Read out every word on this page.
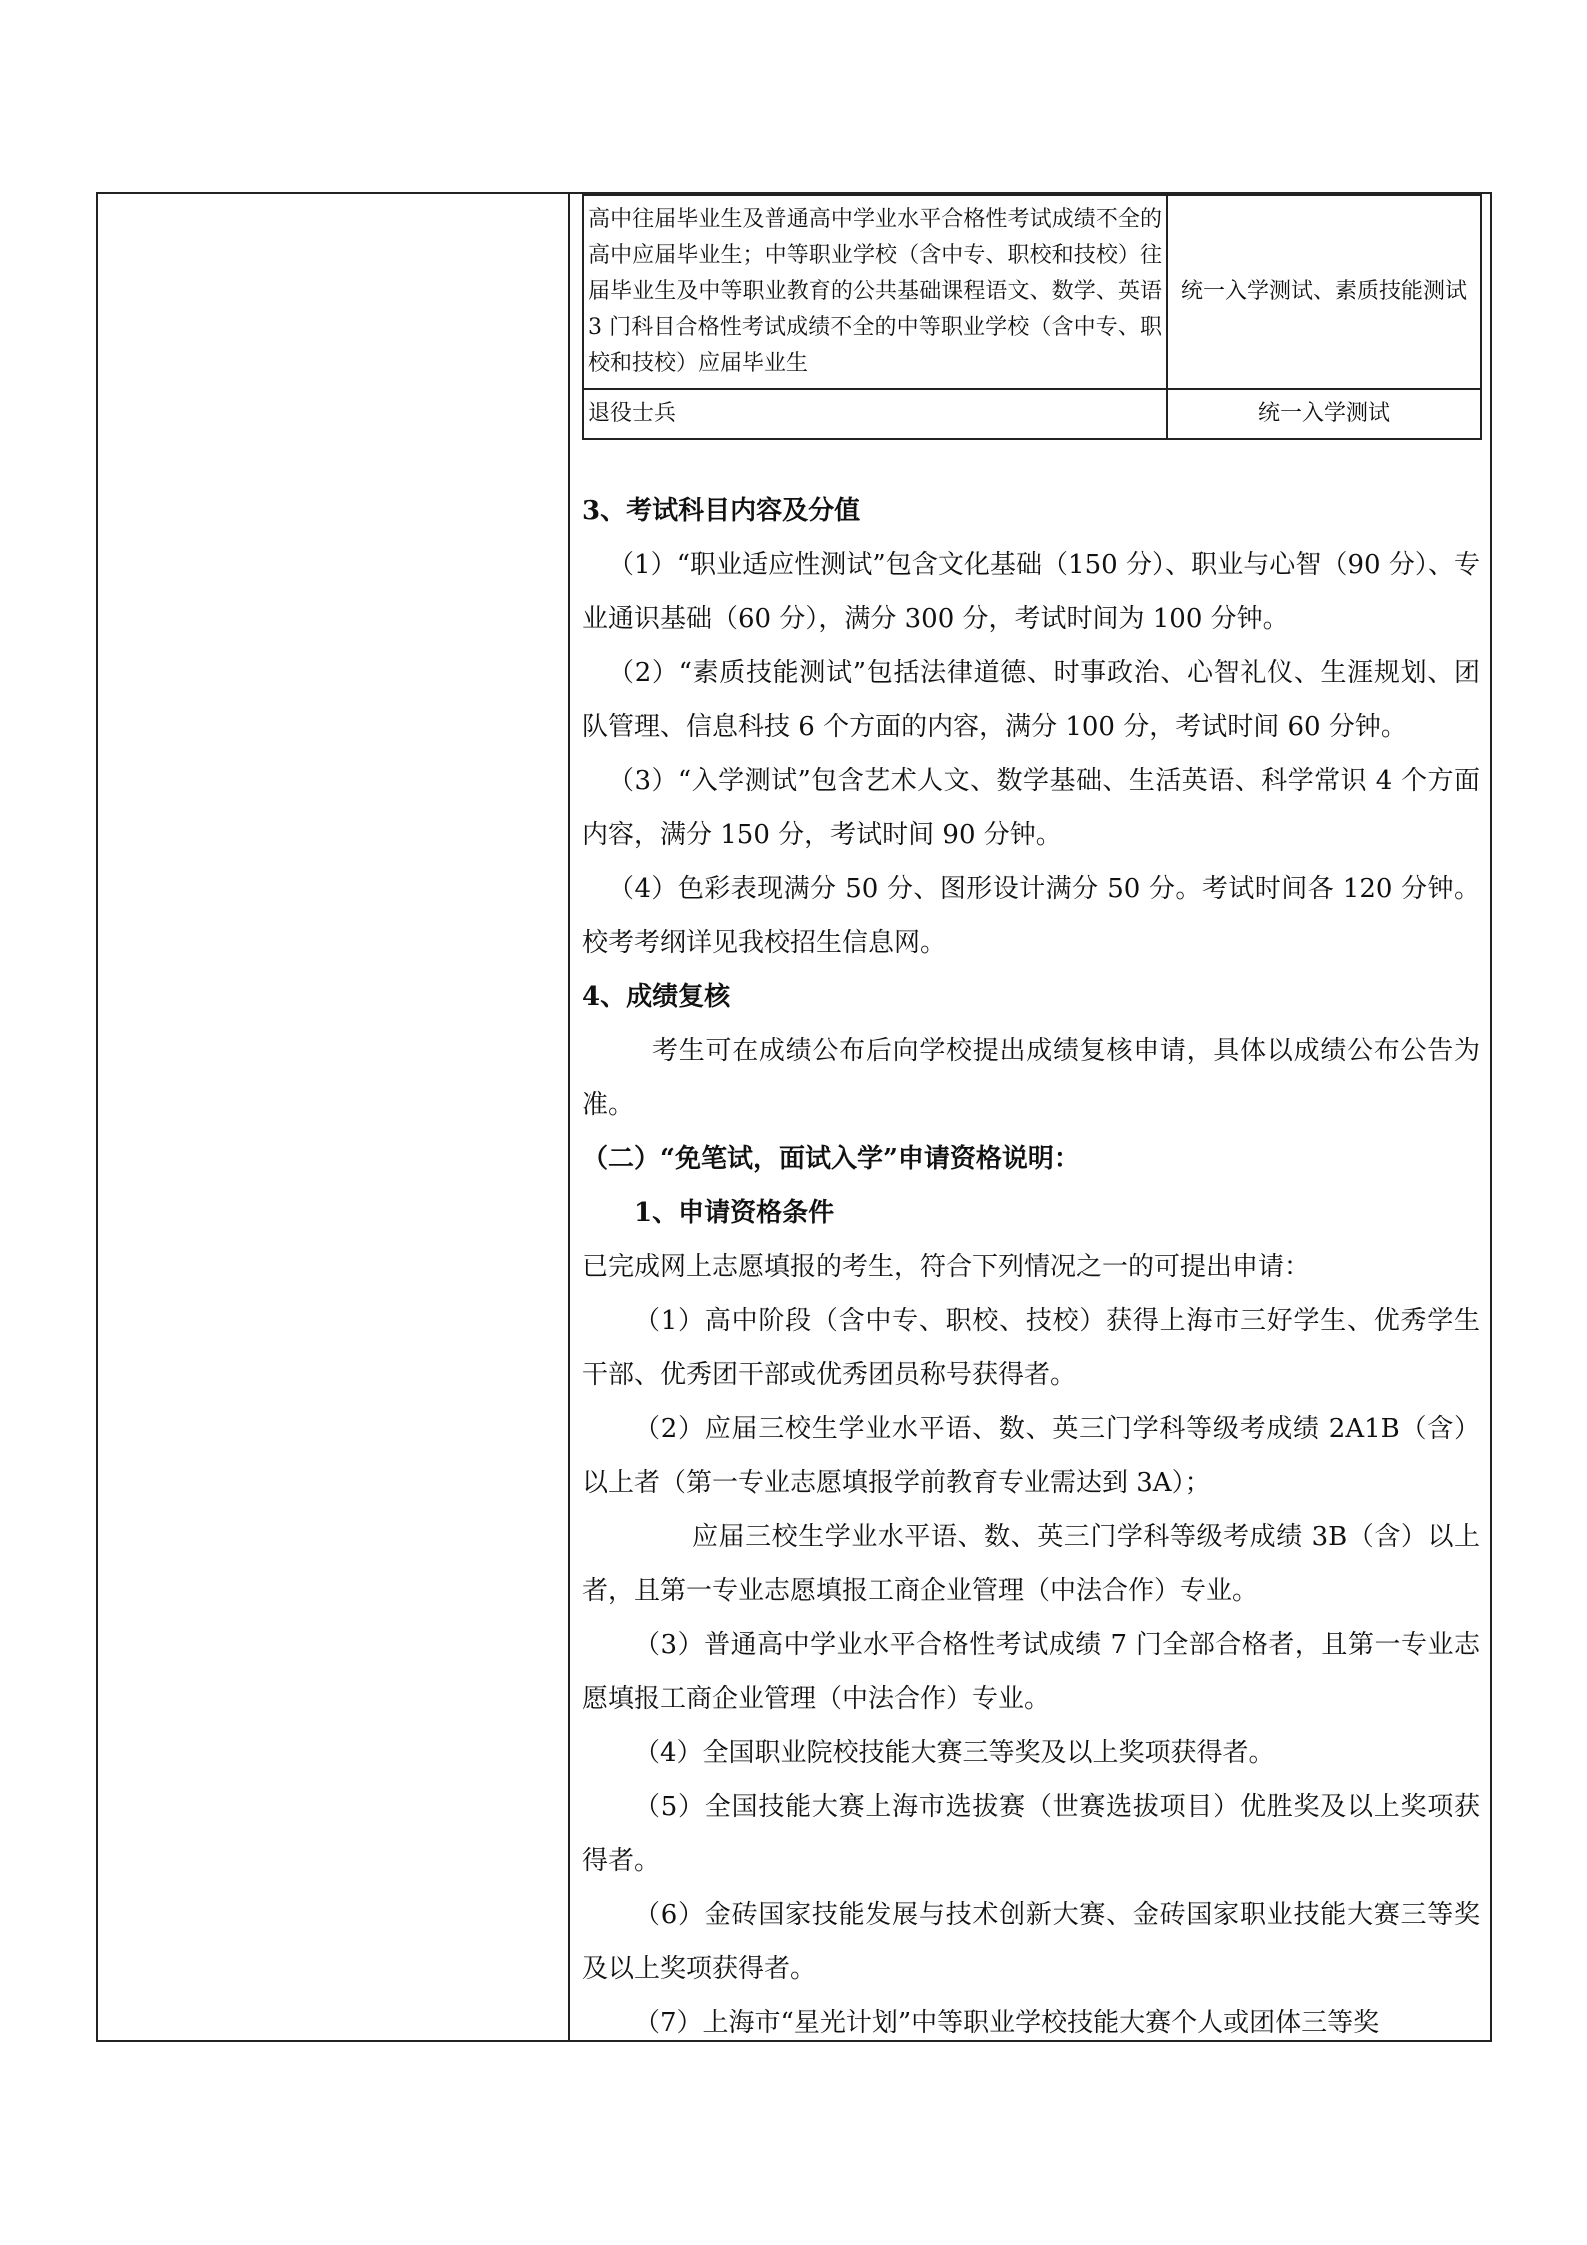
高中往届毕业生及普通高中学业水平合格性考试成绩不全的高中应届毕业生；中等职业学校（含中专、职校和技校）往届毕业生及中等职业教育的公共基础课程语文、数学、英语 3 门科目合格性考试成绩不全的中等职业学校（含中专、职校和技校）应届毕业生	统一入学测试、素质技能测试
退役士兵	统一入学测试

3、考试科目内容及分值

（1）“职业适应性测试”包含文化基础（150 分）、职业与心智（90 分）、专业通识基础（60 分），满分 300 分，考试时间为 100 分钟。

（2）“素质技能测试”包括法律道德、时事政治、心智礼仪、生涯规划、团队管理、信息科技 6 个方面的内容，满分 100 分，考试时间 60 分钟。

（3）“入学测试”包含艺术人文、数学基础、生活英语、科学常识 4 个方面内容，满分 150 分，考试时间 90 分钟。

（4）色彩表现满分 50 分、图形设计满分 50 分。考试时间各 120 分钟。校考考纲详见我校招生信息网。

4、成绩复核

考生可在成绩公布后向学校提出成绩复核申请，具体以成绩公布公告为准。

（二）“免笔试，面试入学”申请资格说明：

1、申请资格条件

已完成网上志愿填报的考生，符合下列情况之一的可提出申请：

（1）高中阶段（含中专、职校、技校）获得上海市三好学生、优秀学生干部、优秀团干部或优秀团员称号获得者。

（2）应届三校生学业水平语、数、英三门学科等级考成绩 2A1B（含）以上者（第一专业志愿填报学前教育专业需达到 3A）；

应届三校生学业水平语、数、英三门学科等级考成绩 3B（含）以上者，且第一专业志愿填报工商企业管理（中法合作）专业。

（3）普通高中学业水平合格性考试成绩 7 门全部合格者，且第一专业志愿填报工商企业管理（中法合作）专业。

（4）全国职业院校技能大赛三等奖及以上奖项获得者。

（5）全国技能大赛上海市选拔赛（世赛选拔项目）优胜奖及以上奖项获得者。

（6）金砖国家技能发展与技术创新大赛、金砖国家职业技能大赛三等奖及以上奖项获得者。

（7）上海市“星光计划”中等职业学校技能大赛个人或团体三等奖
